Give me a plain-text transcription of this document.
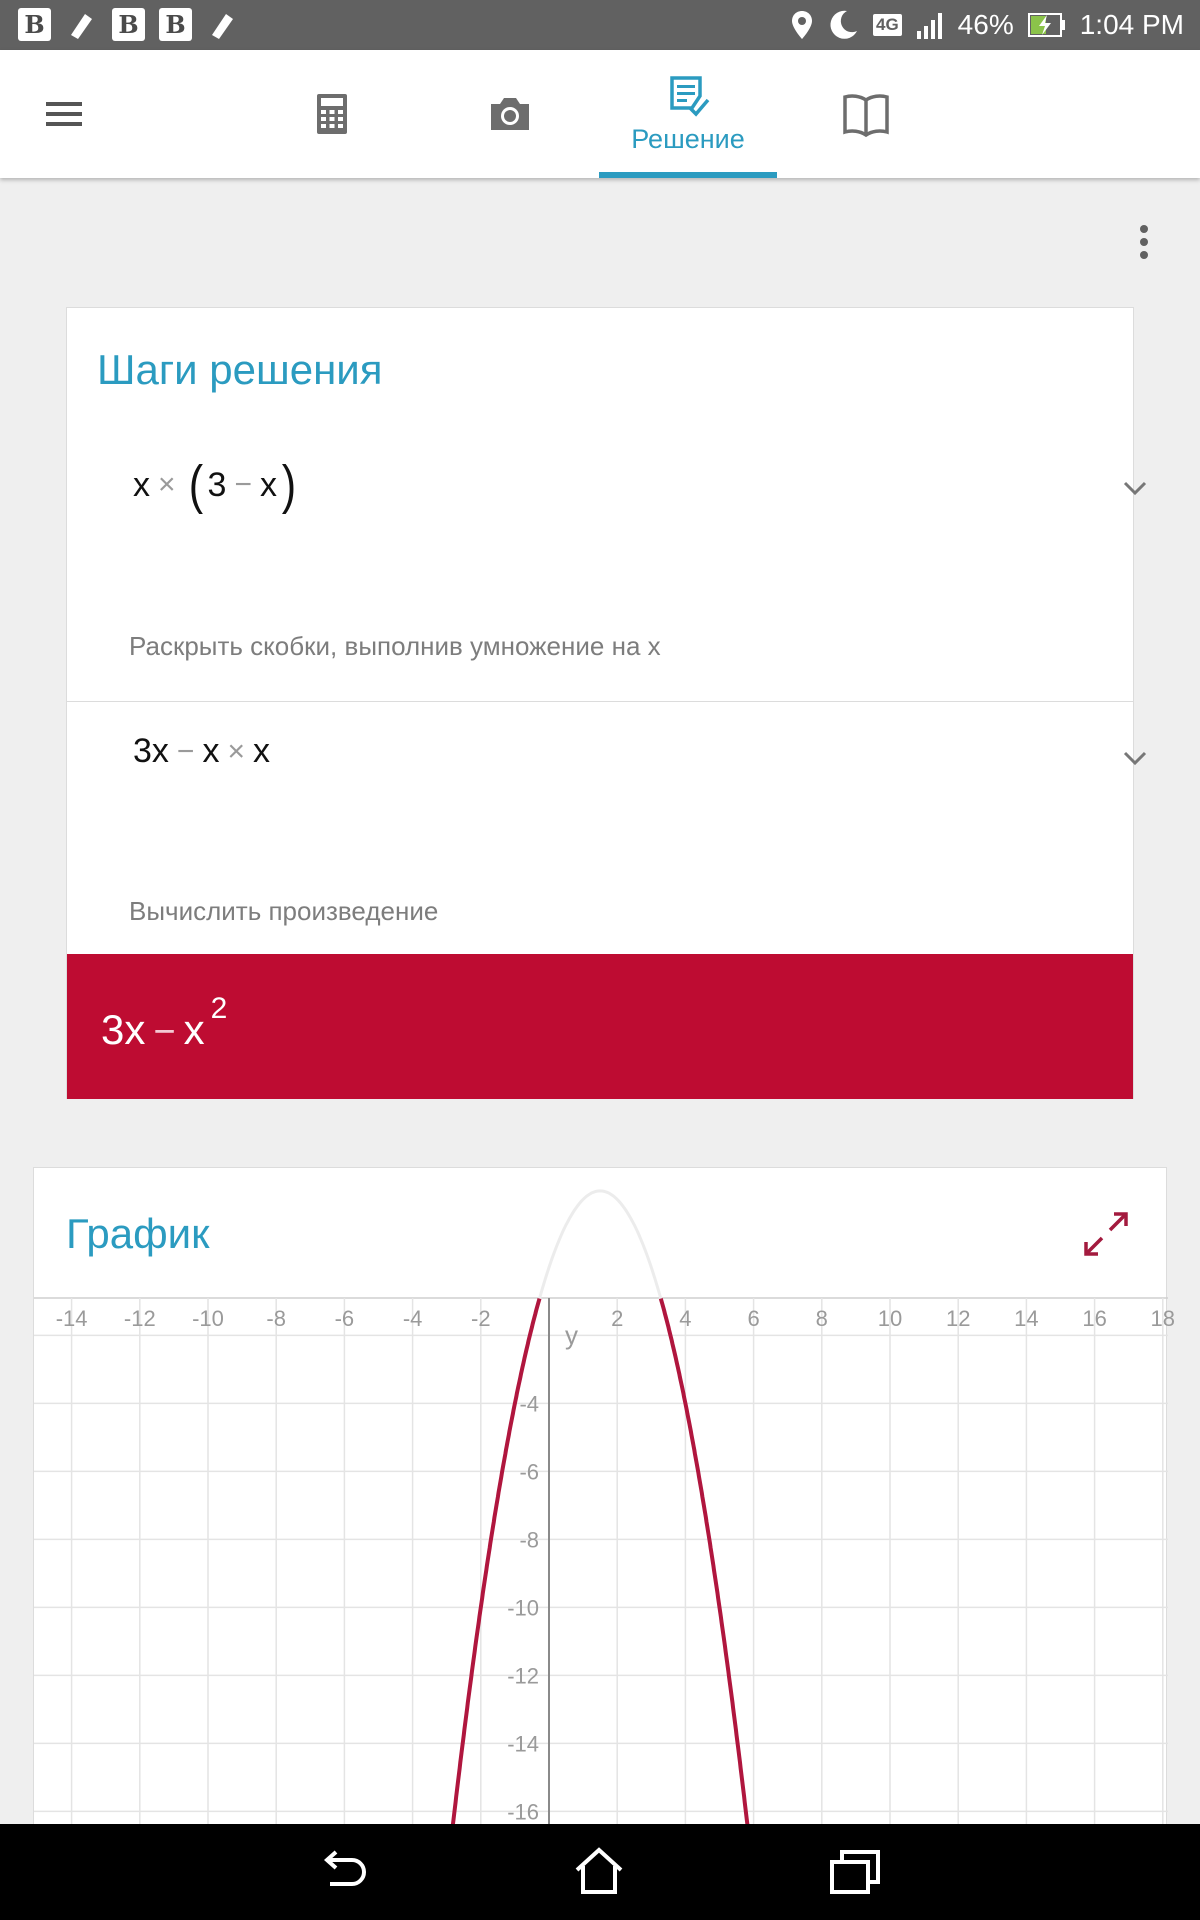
B	B B	4G 46% 1:04 PM
Решение
Шаги решения
x × ( 3 − x )
Раскрыть скобки, выполнив умножение на x
3x − x × x
Вычислить произведение
$3x - x^2$
График
-14 -12 -10 -8 -6 -4 -2	2	4	6	8 10 12 14 16 18
-4
-6
-8
-10
-12
-14
-16
y
